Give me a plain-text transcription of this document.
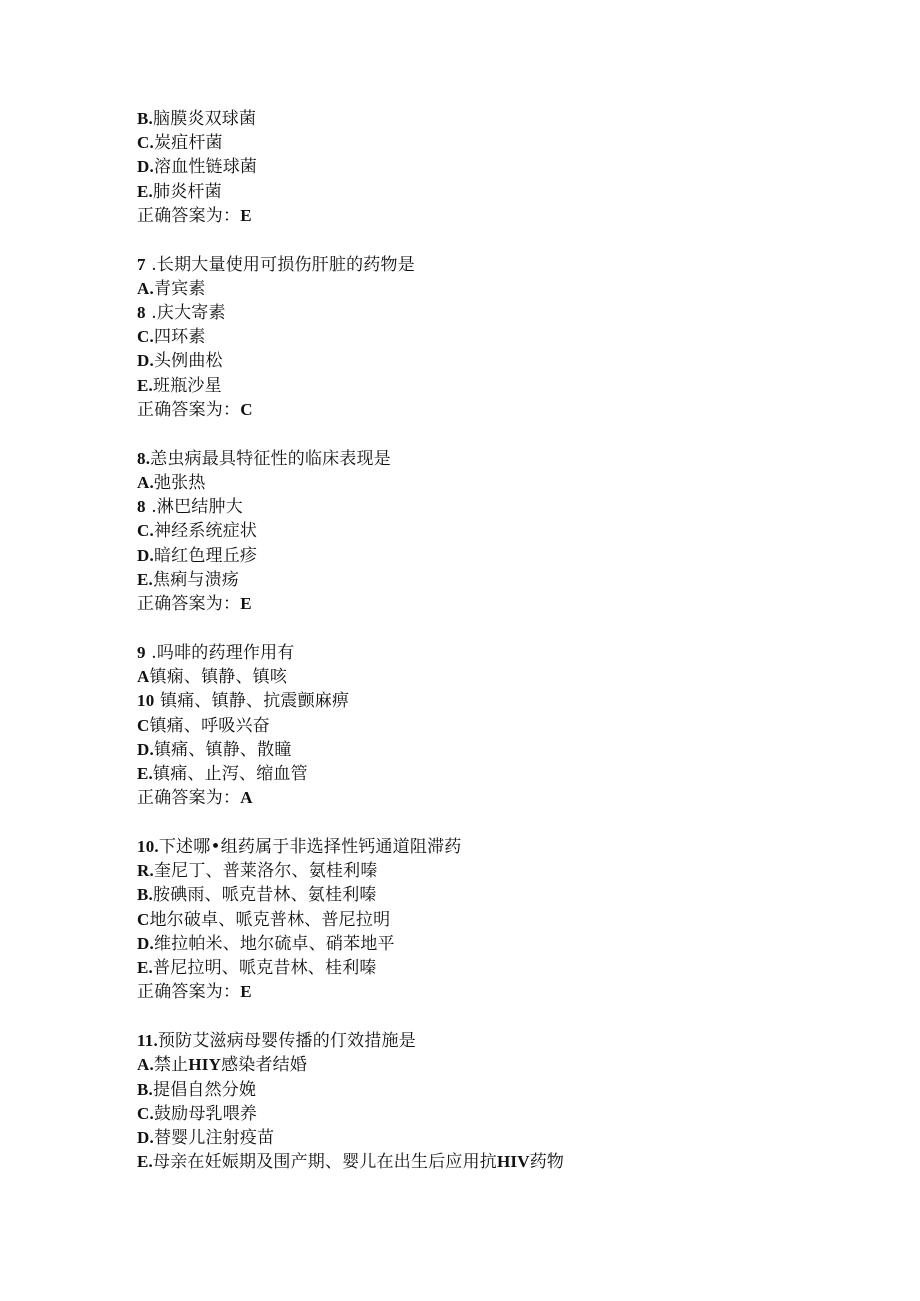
B.脑膜炎双球菌
C.炭疽杆菌
D.溶血性链球菌
E.肺炎杆菌
正确答案为：E
7 .长期大量使用可损伤肝脏的药物是
A.青宾素
8 .庆大寄素
C.四环素
D.头例曲松
E.班瓶沙星
正确答案为：C
8.恙虫病最具特征性的临床表现是
A.弛张热
8 .淋巴结肿大
C.神经系统症状
D.暗红色理丘疹
E.焦痢与溃疡
正确答案为：E
9 .吗啡的药理作用有
A镇痫、镇静、镇咳
10 镇痛、镇静、抗震颤麻痹
C镇痛、呼吸兴奋
D.镇痛、镇静、散瞳
E.镇痛、止泻、缩血管
正确答案为：A
10.下述哪•组药属于非选择性钙通道阻滞药
R.奎尼丁、普莱洛尔、氨桂利嗪
B.胺碘雨、哌克昔林、氨桂利嗪
C地尔破卓、哌克普林、普尼拉明
D.维拉帕米、地尔硫卓、硝苯地平
E.普尼拉明、哌克昔林、桂利嗪
正确答案为：E
11.预防艾滋病母婴传播的仃效措施是
A.禁止HIY感染者结婚
B.提倡自然分娩
C.鼓励母乳喂养
D.替婴儿注射疫苗
E.母亲在妊娠期及围产期、婴儿在出生后应用抗HIV药物
